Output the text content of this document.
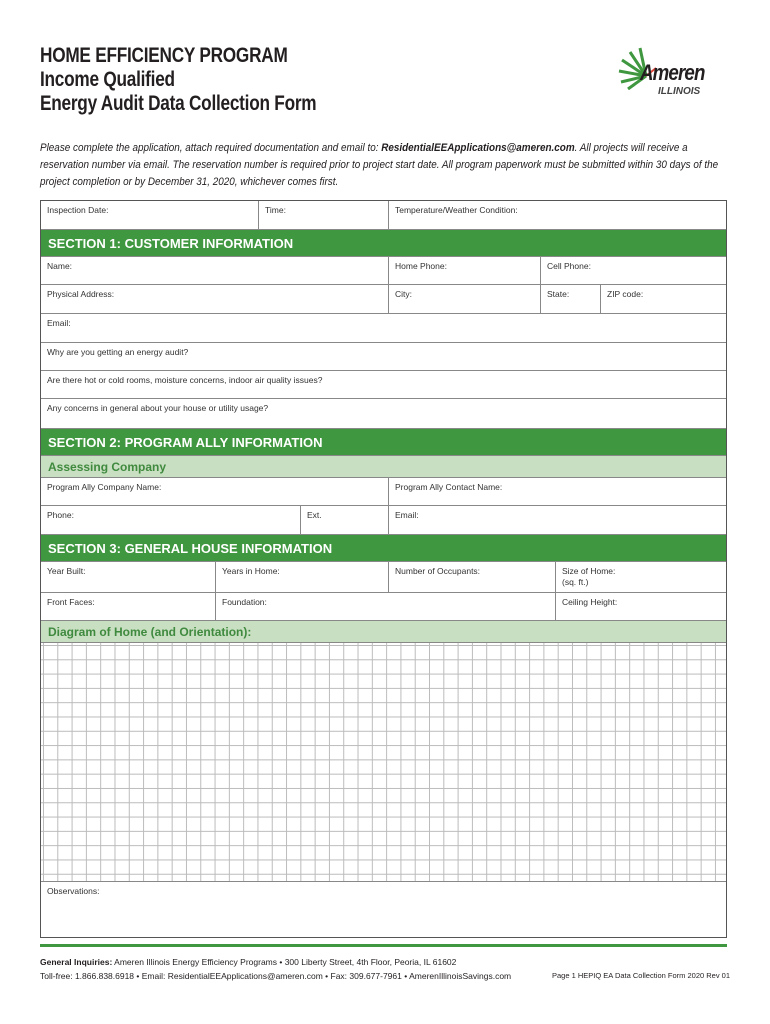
HOME EFFICIENCY PROGRAM
Income Qualified
Energy Audit Data Collection Form
Ameren
ILLINOIS
Please complete the application, attach required documentation and email to: ResidentialEEApplications@ameren.com. All projects will receive a reservation number via email. The reservation number is required prior to project start date. All program paperwork must be submitted within 30 days of the project completion or by December 31, 2020, whichever comes first.
Inspection Date:	Time:	Temperature/Weather Condition:
SECTION 1: CUSTOMER INFORMATION
Name:	Home Phone:	Cell Phone:
Physical Address:	City:	State:	ZIP code:
Email:
Why are you getting an energy audit?
Are there hot or cold rooms, moisture concerns, indoor air quality issues?
Any concerns in general about your house or utility usage?
SECTION 2: PROGRAM ALLY INFORMATION
Assessing Company
Program Ally Company Name:	Program Ally Contact Name:
Phone:	Ext.	Email:
SECTION 3: GENERAL HOUSE INFORMATION
Year Built:	Years in Home:	Number of Occupants:	Size of Home:
(sq. ft.)
Front Faces:	Foundation:	Ceiling Height:
Diagram of Home (and Orientation):
Observations:
General Inquiries: Ameren Illinois Energy Efficiency Programs • 300 Liberty Street, 4th Floor, Peoria, IL 61602
Toll-free: 1.866.838.6918 • Email: ResidentialEEApplications@ameren.com • Fax: 309.677-7961 • AmerenIllinoisSavings.com	Page 1 HEPIQ EA Data Collection Form 2020 Rev 01
